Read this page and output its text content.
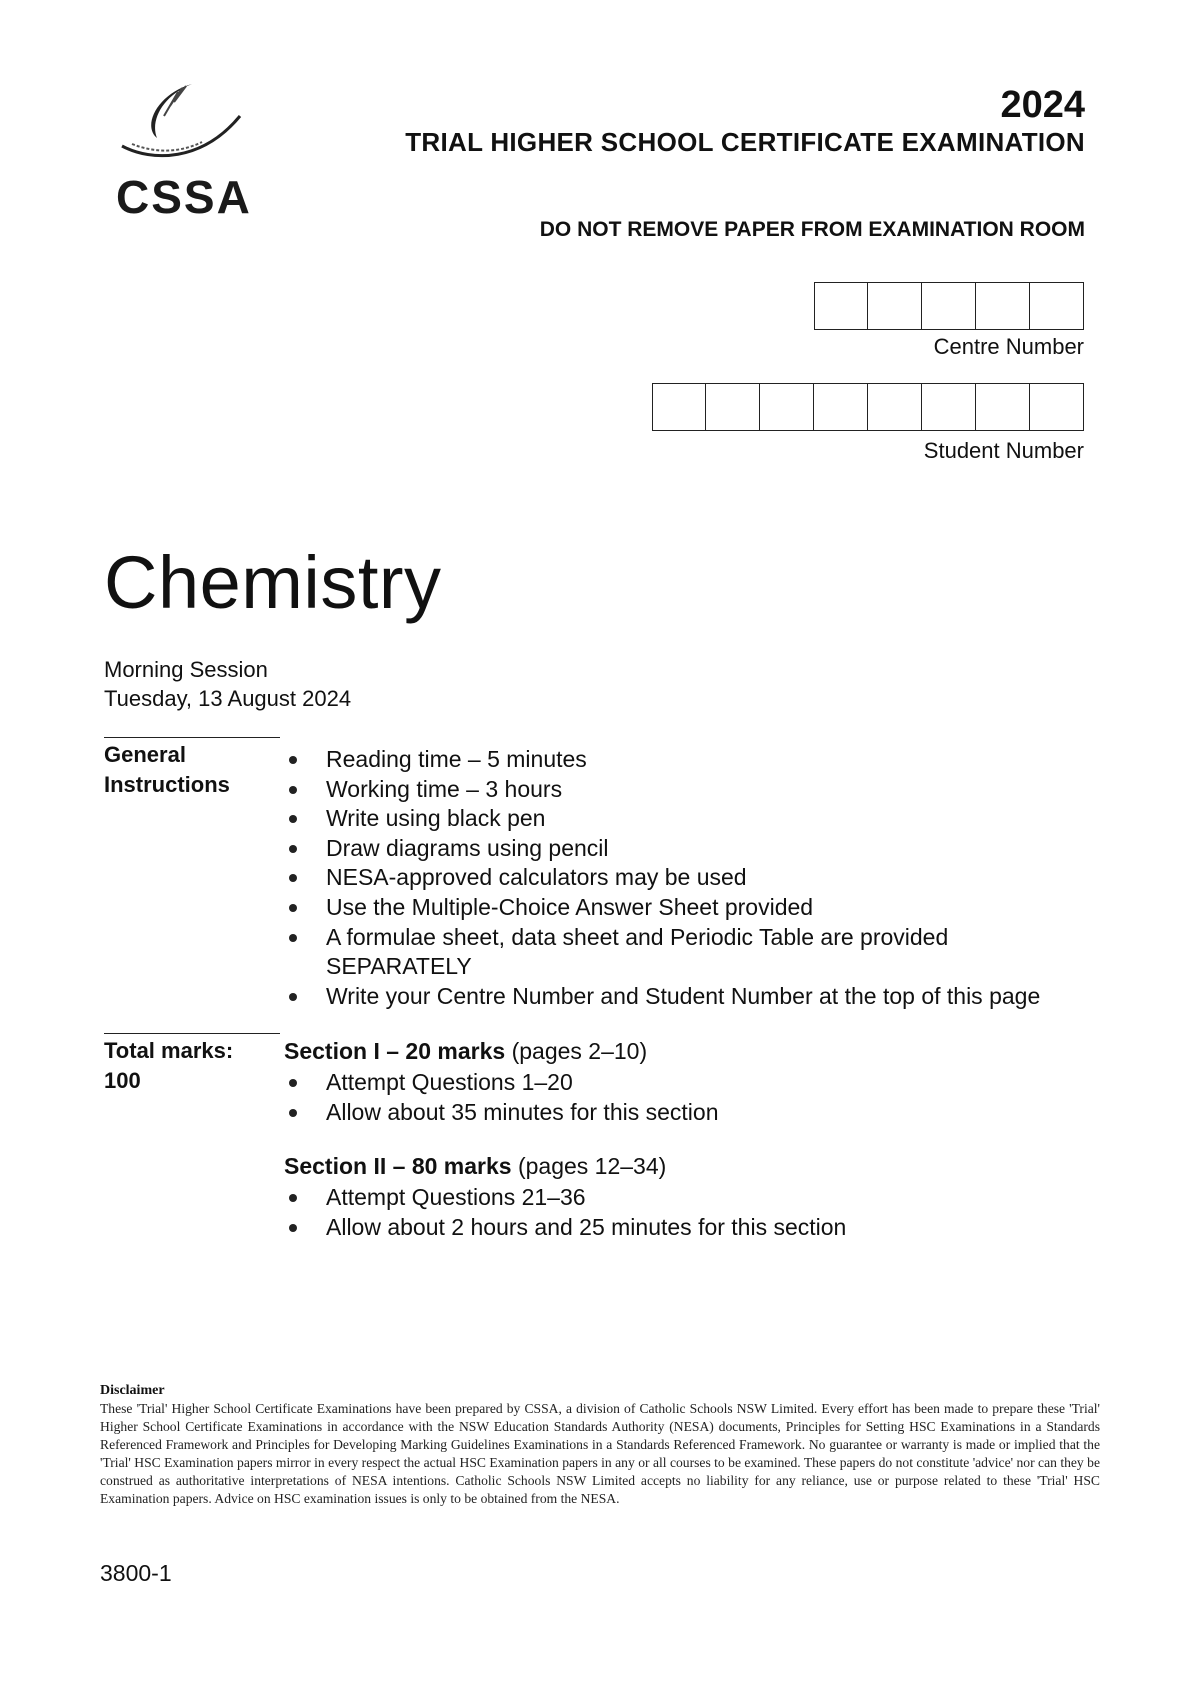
CSSA
2024
TRIAL HIGHER SCHOOL CERTIFICATE EXAMINATION
DO NOT REMOVE PAPER FROM EXAMINATION ROOM
Centre Number
Student Number
Chemistry
Morning Session
Tuesday, 13 August 2024
General
Instructions
Reading time – 5 minutes
Working time – 3 hours
Write using black pen
Draw diagrams using pencil
NESA-approved calculators may be used
Use the Multiple-Choice Answer Sheet provided
A formulae sheet, data sheet and Periodic Table are provided SEPARATELY
Write your Centre Number and Student Number at the top of this page
Total marks:
100
Section I – 20 marks (pages 2–10)
Attempt Questions 1–20
Allow about 35 minutes for this section
Section II – 80 marks (pages 12–34)
Attempt Questions 21–36
Allow about 2 hours and 25 minutes for this section
Disclaimer
These 'Trial' Higher School Certificate Examinations have been prepared by CSSA, a division of Catholic Schools NSW Limited. Every effort has been made to prepare these 'Trial' Higher School Certificate Examinations in accordance with the NSW Education Standards Authority (NESA) documents, Principles for Setting HSC Examinations in a Standards Referenced Framework and Principles for Developing Marking Guidelines Examinations in a Standards Referenced Framework. No guarantee or warranty is made or implied that the 'Trial' HSC Examination papers mirror in every respect the actual HSC Examination papers in any or all courses to be examined. These papers do not constitute 'advice' nor can they be construed as authoritative interpretations of NESA intentions. Catholic Schools NSW Limited accepts no liability for any reliance, use or purpose related to these 'Trial' HSC Examination papers. Advice on HSC examination issues is only to be obtained from the NESA.
3800-1
